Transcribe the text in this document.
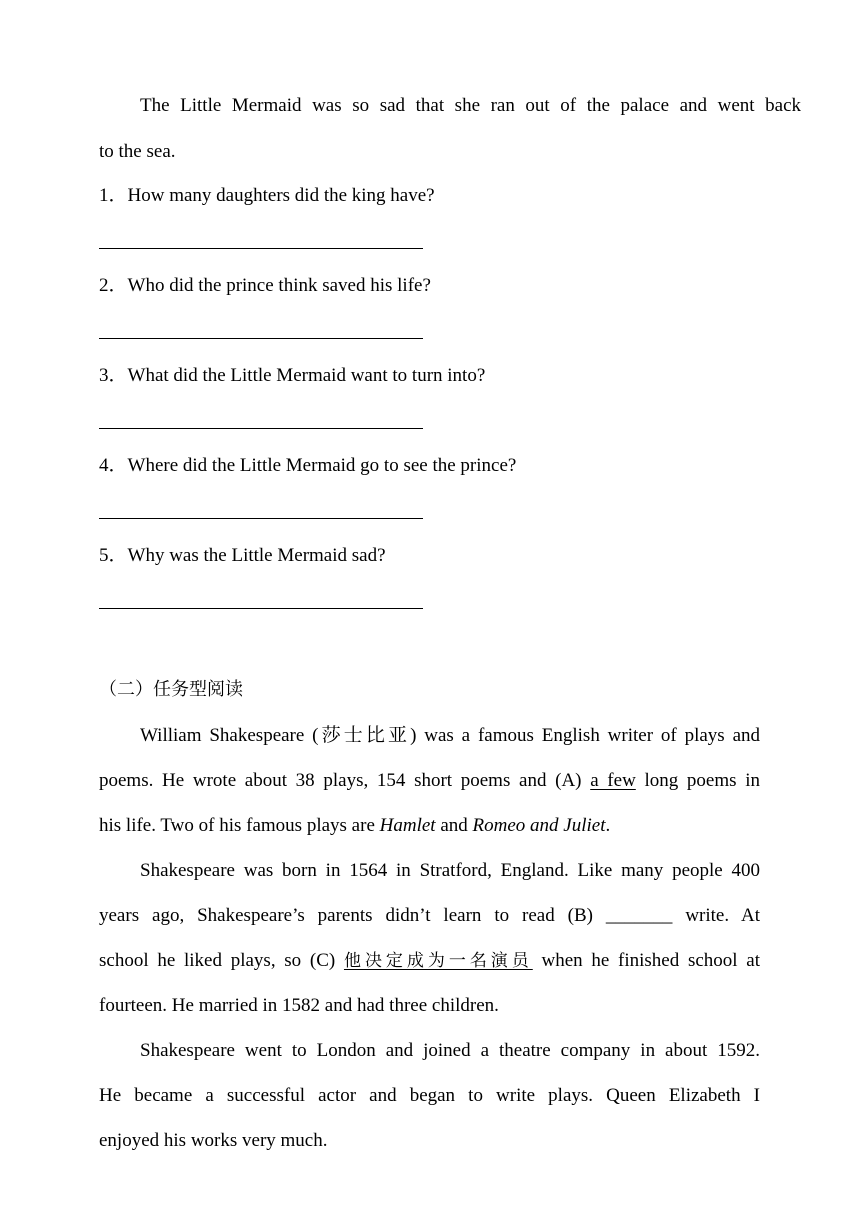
The Little Mermaid was so sad that she ran out of the palace and went back
to the sea.
1．How many daughters did the king have?
2．Who did the prince think saved his life?
3．What did the Little Mermaid want to turn into?
4．Where did the Little Mermaid go to see the prince?
5．Why was the Little Mermaid sad?
（二）任务型阅读
William Shakespeare (莎士比亚) was a famous English writer of plays and
poems. He wrote about 38 plays, 154 short poems and (A) a few long poems in
his life. Two of his famous plays are Hamlet and Romeo and Juliet.
Shakespeare was born in 1564 in Stratford, England. Like many people 400
years ago, Shakespeare’s parents didn’t learn to read (B) _______ write. At
school he liked plays, so (C) 他决定成为一名演员 when he finished school at
fourteen. He married in 1582 and had three children.
Shakespeare went to London and joined a theatre company in about 1592.
He became a successful actor and began to write plays. Queen Elizabeth I
enjoyed his works very much.
